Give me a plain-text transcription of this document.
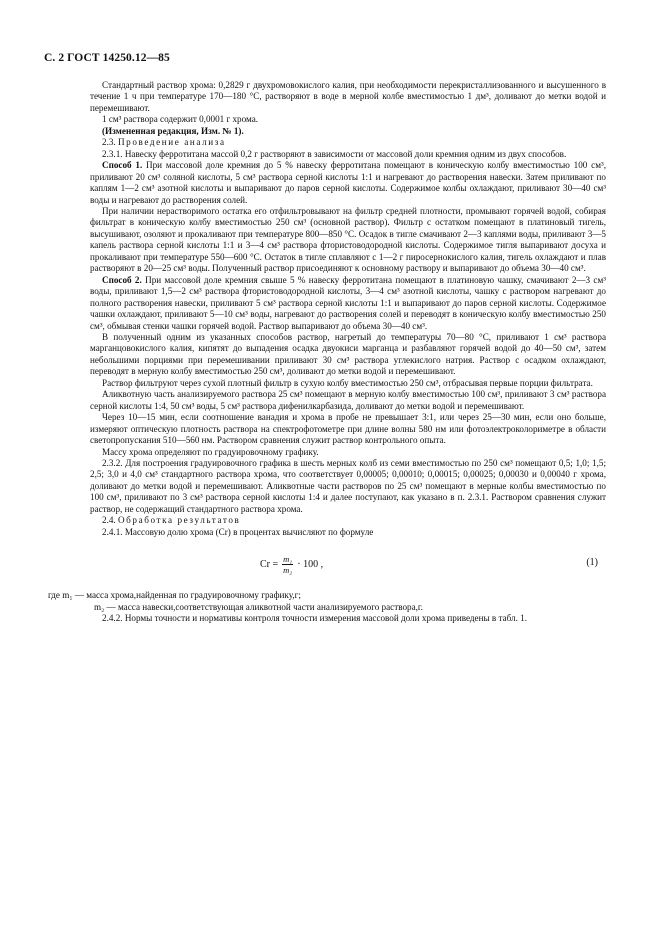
С. 2 ГОСТ 14250.12—85

Стандартный раствор хрома: 0,2829 г двухромовокислого калия, при необходимости перекристаллизованного и высушенного в течение 1 ч при температуре 170—180 °С, растворяют в воде в мерной колбе вместимостью 1 дм³, доливают до метки водой и перемешивают.

1 см³ раствора содержит 0,0001 г хрома.

(Измененная редакция, Изм. № 1).

2.3. Проведение анализа

2.3.1. Навеску ферротитана массой 0,2 г растворяют в зависимости от массовой доли кремния одним из двух способов.

Способ 1. При массовой доле кремния до 5 % навеску ферротитана помещают в коническую колбу вместимостью 100 см³, приливают 20 см³ соляной кислоты, 5 см³ раствора серной кислоты 1:1 и нагревают до растворения навески. Затем приливают по каплям 1—2 см³ азотной кислоты и выпаривают до паров серной кислоты. Содержимое колбы охлаждают, приливают 30—40 см³ воды и нагревают до растворения солей.

При наличии нерастворимого остатка его отфильтровывают на фильтр средней плотности, промывают горячей водой, собирая фильтрат в коническую колбу вместимостью 250 см³ (основной раствор). Фильтр с остатком помещают в платиновый тигель, высушивают, озоляют и прокаливают при температуре 800—850 °С. Осадок в тигле смачивают 2—3 каплями воды, приливают 3—5 капель раствора серной кислоты 1:1 и 3—4 см³ раствора фтористоводородной кислоты. Содержимое тигля выпаривают досуха и прокаливают при температуре 550—600 °С. Остаток в тигле сплавляют с 1—2 г пиросернокислого калия, тигель охлаждают и плав растворяют в 20—25 см³ воды. Полученный раствор присоединяют к основному раствору и выпаривают до объема 30—40 см³.

Способ 2. При массовой доле кремния свыше 5 % навеску ферротитана помещают в платиновую чашку, смачивают 2—3 см³ воды, приливают 1,5—2 см³ раствора фтористоводородной кислоты, 3—4 см³ азотной кислоты, чашку с раствором нагревают до полного растворения навески, приливают 5 см³ раствора серной кислоты 1:1 и выпаривают до паров серной кислоты. Содержимое чашки охлаждают, приливают 5—10 см³ воды, нагревают до растворения солей и переводят в коническую колбу вместимостью 250 см³, обмывая стенки чашки горячей водой. Раствор выпаривают до объема 30—40 см³.

В полученный одним из указанных способов раствор, нагретый до температуры 70—80 °С, приливают 1 см³ раствора марганцовокислого калия, кипятят до выпадения осадка двуокиси марганца и разбавляют горячей водой до 40—50 см³, затем небольшими порциями при перемешивании приливают 30 см³ раствора углекислого натрия. Раствор с осадком охлаждают, переводят в мерную колбу вместимостью 250 см³, доливают до метки водой и перемешивают.

Раствор фильтруют через сухой плотный фильтр в сухую колбу вместимостью 250 см³, отбрасывая первые порции фильтрата.

Аликвотную часть анализируемого раствора 25 см³ помещают в мерную колбу вместимостью 100 см³, приливают 3 см³ раствора серной кислоты 1:4, 50 см³ воды, 5 см³ раствора дифенилкарбазида, доливают до метки водой и перемешивают.

Через 10—15 мин, если соотношение ванадия и хрома в пробе не превышает 3:1, или через 25—30 мин, если оно больше, измеряют оптическую плотность раствора на спектрофотометре при длине волны 580 нм или фотоэлектроколориметре в области светопропускания 510—560 нм. Раствором сравнения служит раствор контрольного опыта.

Массу хрома определяют по градуировочному графику.

2.3.2. Для построения градуировочного графика в шесть мерных колб из семи вместимостью по 250 см³ помещают 0,5; 1,0; 1,5; 2,5; 3,0 и 4,0 см³ стандартного раствора хрома, что соответствует 0,00005; 0,00010; 0,00015; 0,00025; 0,00030 и 0,00040 г хрома, доливают до метки водой и перемешивают. Аликвотные части растворов по 25 см³ помещают в мерные колбы вместимостью по 100 см³, приливают по 3 см³ раствора серной кислоты 1:4 и далее поступают, как указано в п. 2.3.1. Раствором сравнения служит раствор, не содержащий стандартного раствора хрома.

2.4. Обработка результатов

2.4.1. Массовую долю хрома (Cr) в процентах вычисляют по формуле

$Cr = \frac{\text{m₁}}{\text{m₂}} \cdot 100$ ,	(1)

где m₁ — масса хрома,найденная по градуировочному графику,г;

m₂ — масса навески,соответствующая аликвотной части анализируемого раствора,г.

2.4.2. Нормы точности и нормативы контроля точности измерения массовой доли хрома приведены в табл. 1.
